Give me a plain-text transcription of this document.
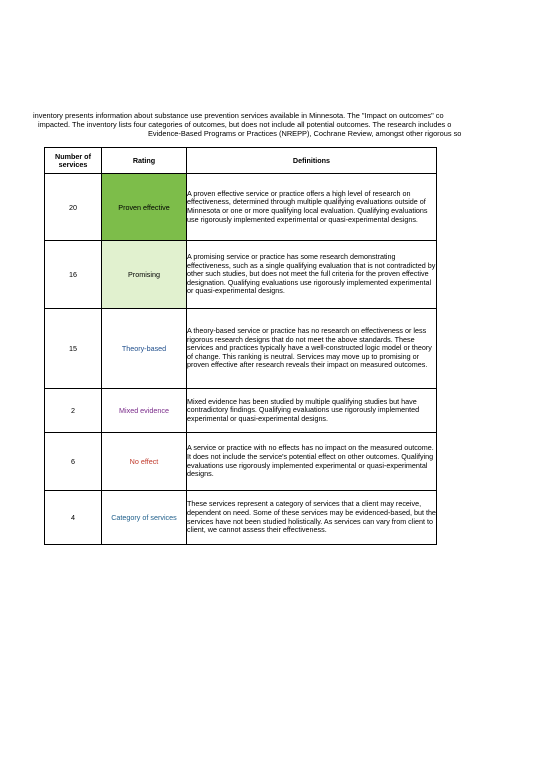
inventory presents information about substance use prevention services available in Minnesota. The "Impact on outcomes" co
impacted. The inventory lists four categories of outcomes, but does not include all potential outcomes. The research includes o
Evidence-Based Programs or Practices (NREPP), Cochrane Review, amongst other rigorous so
Number of services	Rating	Definitions
20	Proven effective	A proven effective service or practice offers a high level of research on effectiveness, determined through multiple qualifying evaluations outside of Minnesota or one or more qualifying local evaluation. Qualifying evaluations use rigorously implemented experimental or quasi-experimental designs.
16	Promising	A promising service or practice has some research demonstrating effectiveness, such as a single qualifying evaluation that is not contradicted by other such studies, but does not meet the full criteria for the proven effective designation. Qualifying evaluations use rigorously implemented experimental or quasi-experimental designs.
15	Theory-based	A theory-based service or practice has no research on effectiveness or less rigorous research designs that do not meet the above standards. These services and practices typically have a well-constructed logic model or theory of change. This ranking is neutral. Services may move up to promising or proven effective after research reveals their impact on measured outcomes.
2	Mixed evidence	Mixed evidence has been studied by multiple qualifying studies but have contradictory findings. Qualifying evaluations use rigorously implemented experimental or quasi-experimental designs.
6	No effect	A service or practice with no effects has no impact on the measured outcome. It does not include the service's potential effect on other outcomes. Qualifying evaluations use rigorously implemented experimental or quasi-experimental designs.
4	Category of services	These services represent a category of services that a client may receive, dependent on need. Some of these services may be evidenced-based, but the services have not been studied holistically. As services can vary from client to client, we cannot assess their effectiveness.
